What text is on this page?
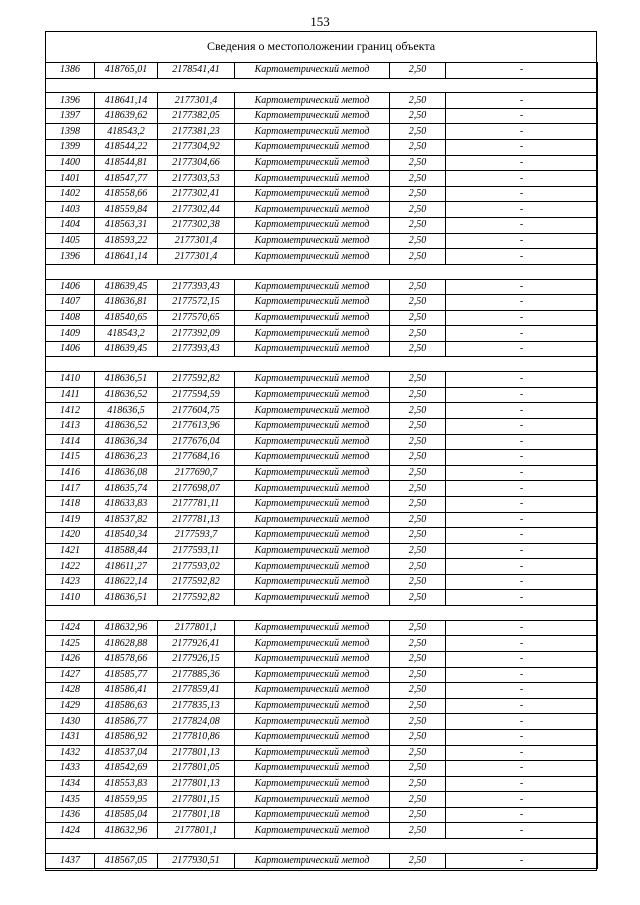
153
Сведения о местоположении границ объекта
1386	418765,01	2178541,41	Картометрический метод	2,50	-

1396	418641,14	2177301,4	Картометрический метод	2,50	-
1397	418639,62	2177382,05	Картометрический метод	2,50	-
1398	418543,2	2177381,23	Картометрический метод	2,50	-
1399	418544,22	2177304,92	Картометрический метод	2,50	-
1400	418544,81	2177304,66	Картометрический метод	2,50	-
1401	418547,77	2177303,53	Картометрический метод	2,50	-
1402	418558,66	2177302,41	Картометрический метод	2,50	-
1403	418559,84	2177302,44	Картометрический метод	2,50	-
1404	418563,31	2177302,38	Картометрический метод	2,50	-
1405	418593,22	2177301,4	Картометрический метод	2,50	-
1396	418641,14	2177301,4	Картометрический метод	2,50	-

1406	418639,45	2177393,43	Картометрический метод	2,50	-
1407	418636,81	2177572,15	Картометрический метод	2,50	-
1408	418540,65	2177570,65	Картометрический метод	2,50	-
1409	418543,2	2177392,09	Картометрический метод	2,50	-
1406	418639,45	2177393,43	Картометрический метод	2,50	-

1410	418636,51	2177592,82	Картометрический метод	2,50	-
1411	418636,52	2177594,59	Картометрический метод	2,50	-
1412	418636,5	2177604,75	Картометрический метод	2,50	-
1413	418636,52	2177613,96	Картометрический метод	2,50	-
1414	418636,34	2177676,04	Картометрический метод	2,50	-
1415	418636,23	2177684,16	Картометрический метод	2,50	-
1416	418636,08	2177690,7	Картометрический метод	2,50	-
1417	418635,74	2177698,07	Картометрический метод	2,50	-
1418	418633,83	2177781,11	Картометрический метод	2,50	-
1419	418537,82	2177781,13	Картометрический метод	2,50	-
1420	418540,34	2177593,7	Картометрический метод	2,50	-
1421	418588,44	2177593,11	Картометрический метод	2,50	-
1422	418611,27	2177593,02	Картометрический метод	2,50	-
1423	418622,14	2177592,82	Картометрический метод	2,50	-
1410	418636,51	2177592,82	Картометрический метод	2,50	-

1424	418632,96	2177801,1	Картометрический метод	2,50	-
1425	418628,88	2177926,41	Картометрический метод	2,50	-
1426	418578,66	2177926,15	Картометрический метод	2,50	-
1427	418585,77	2177885,36	Картометрический метод	2,50	-
1428	418586,41	2177859,41	Картометрический метод	2,50	-
1429	418586,63	2177835,13	Картометрический метод	2,50	-
1430	418586,77	2177824,08	Картометрический метод	2,50	-
1431	418586,92	2177810,86	Картометрический метод	2,50	-
1432	418537,04	2177801,13	Картометрический метод	2,50	-
1433	418542,69	2177801,05	Картометрический метод	2,50	-
1434	418553,83	2177801,13	Картометрический метод	2,50	-
1435	418559,95	2177801,15	Картометрический метод	2,50	-
1436	418585,04	2177801,18	Картометрический метод	2,50	-
1424	418632,96	2177801,1	Картометрический метод	2,50	-

1437	418567,05	2177930,51	Картометрический метод	2,50	-
